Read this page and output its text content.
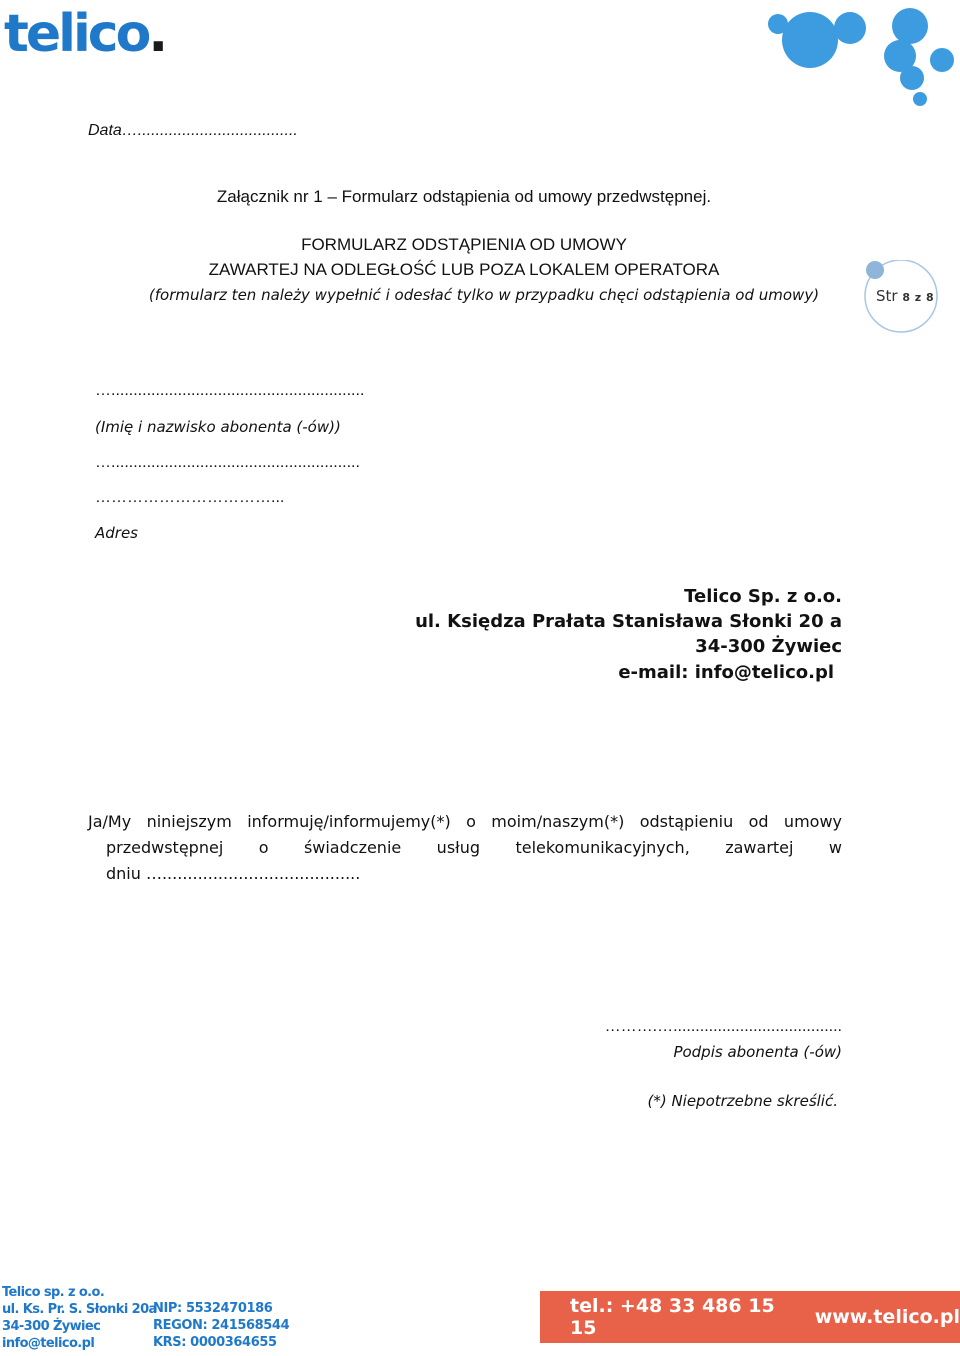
telico.
Data…....................................
Załącznik nr 1 – Formularz odstąpienia od umowy przedwstępnej.
FORMULARZ ODSTĄPIENIA OD UMOWY
ZAWARTEJ NA ODLEGŁOŚĆ LUB POZA LOKALEM OPERATORA
(formularz ten należy wypełnić i odesłać tylko w przypadku chęci odstąpienia od umowy)	Str 8 z 8
….........................................................
(Imię i nazwisko abonenta (-ów))
…........................................................
……………………………...
Adres
Telico Sp. z o.o.
ul. Księdza Prałata Stanisława Słonki 20 a
34-300 Żywiec
e-mail: info@telico.pl
Ja/My niniejszym informuję/informujemy(*) o moim/naszym(*) odstąpieniu od umowy
przedwstępnej o świadczenie usług telekomunikacyjnych, zawartej w
dniu ….......................................
……….…......................................
Podpis abonenta (-ów)
(*) Niepotrzebne skreślić.
Telico sp. z o.o.
ul. Ks. Pr. S. Słonki 20a
34-300 Żywiec
info@telico.pl
NIP: 5532470186
REGON: 241568544
KRS: 0000364655
tel.: +48 33 486 15 15	www.telico.pl
